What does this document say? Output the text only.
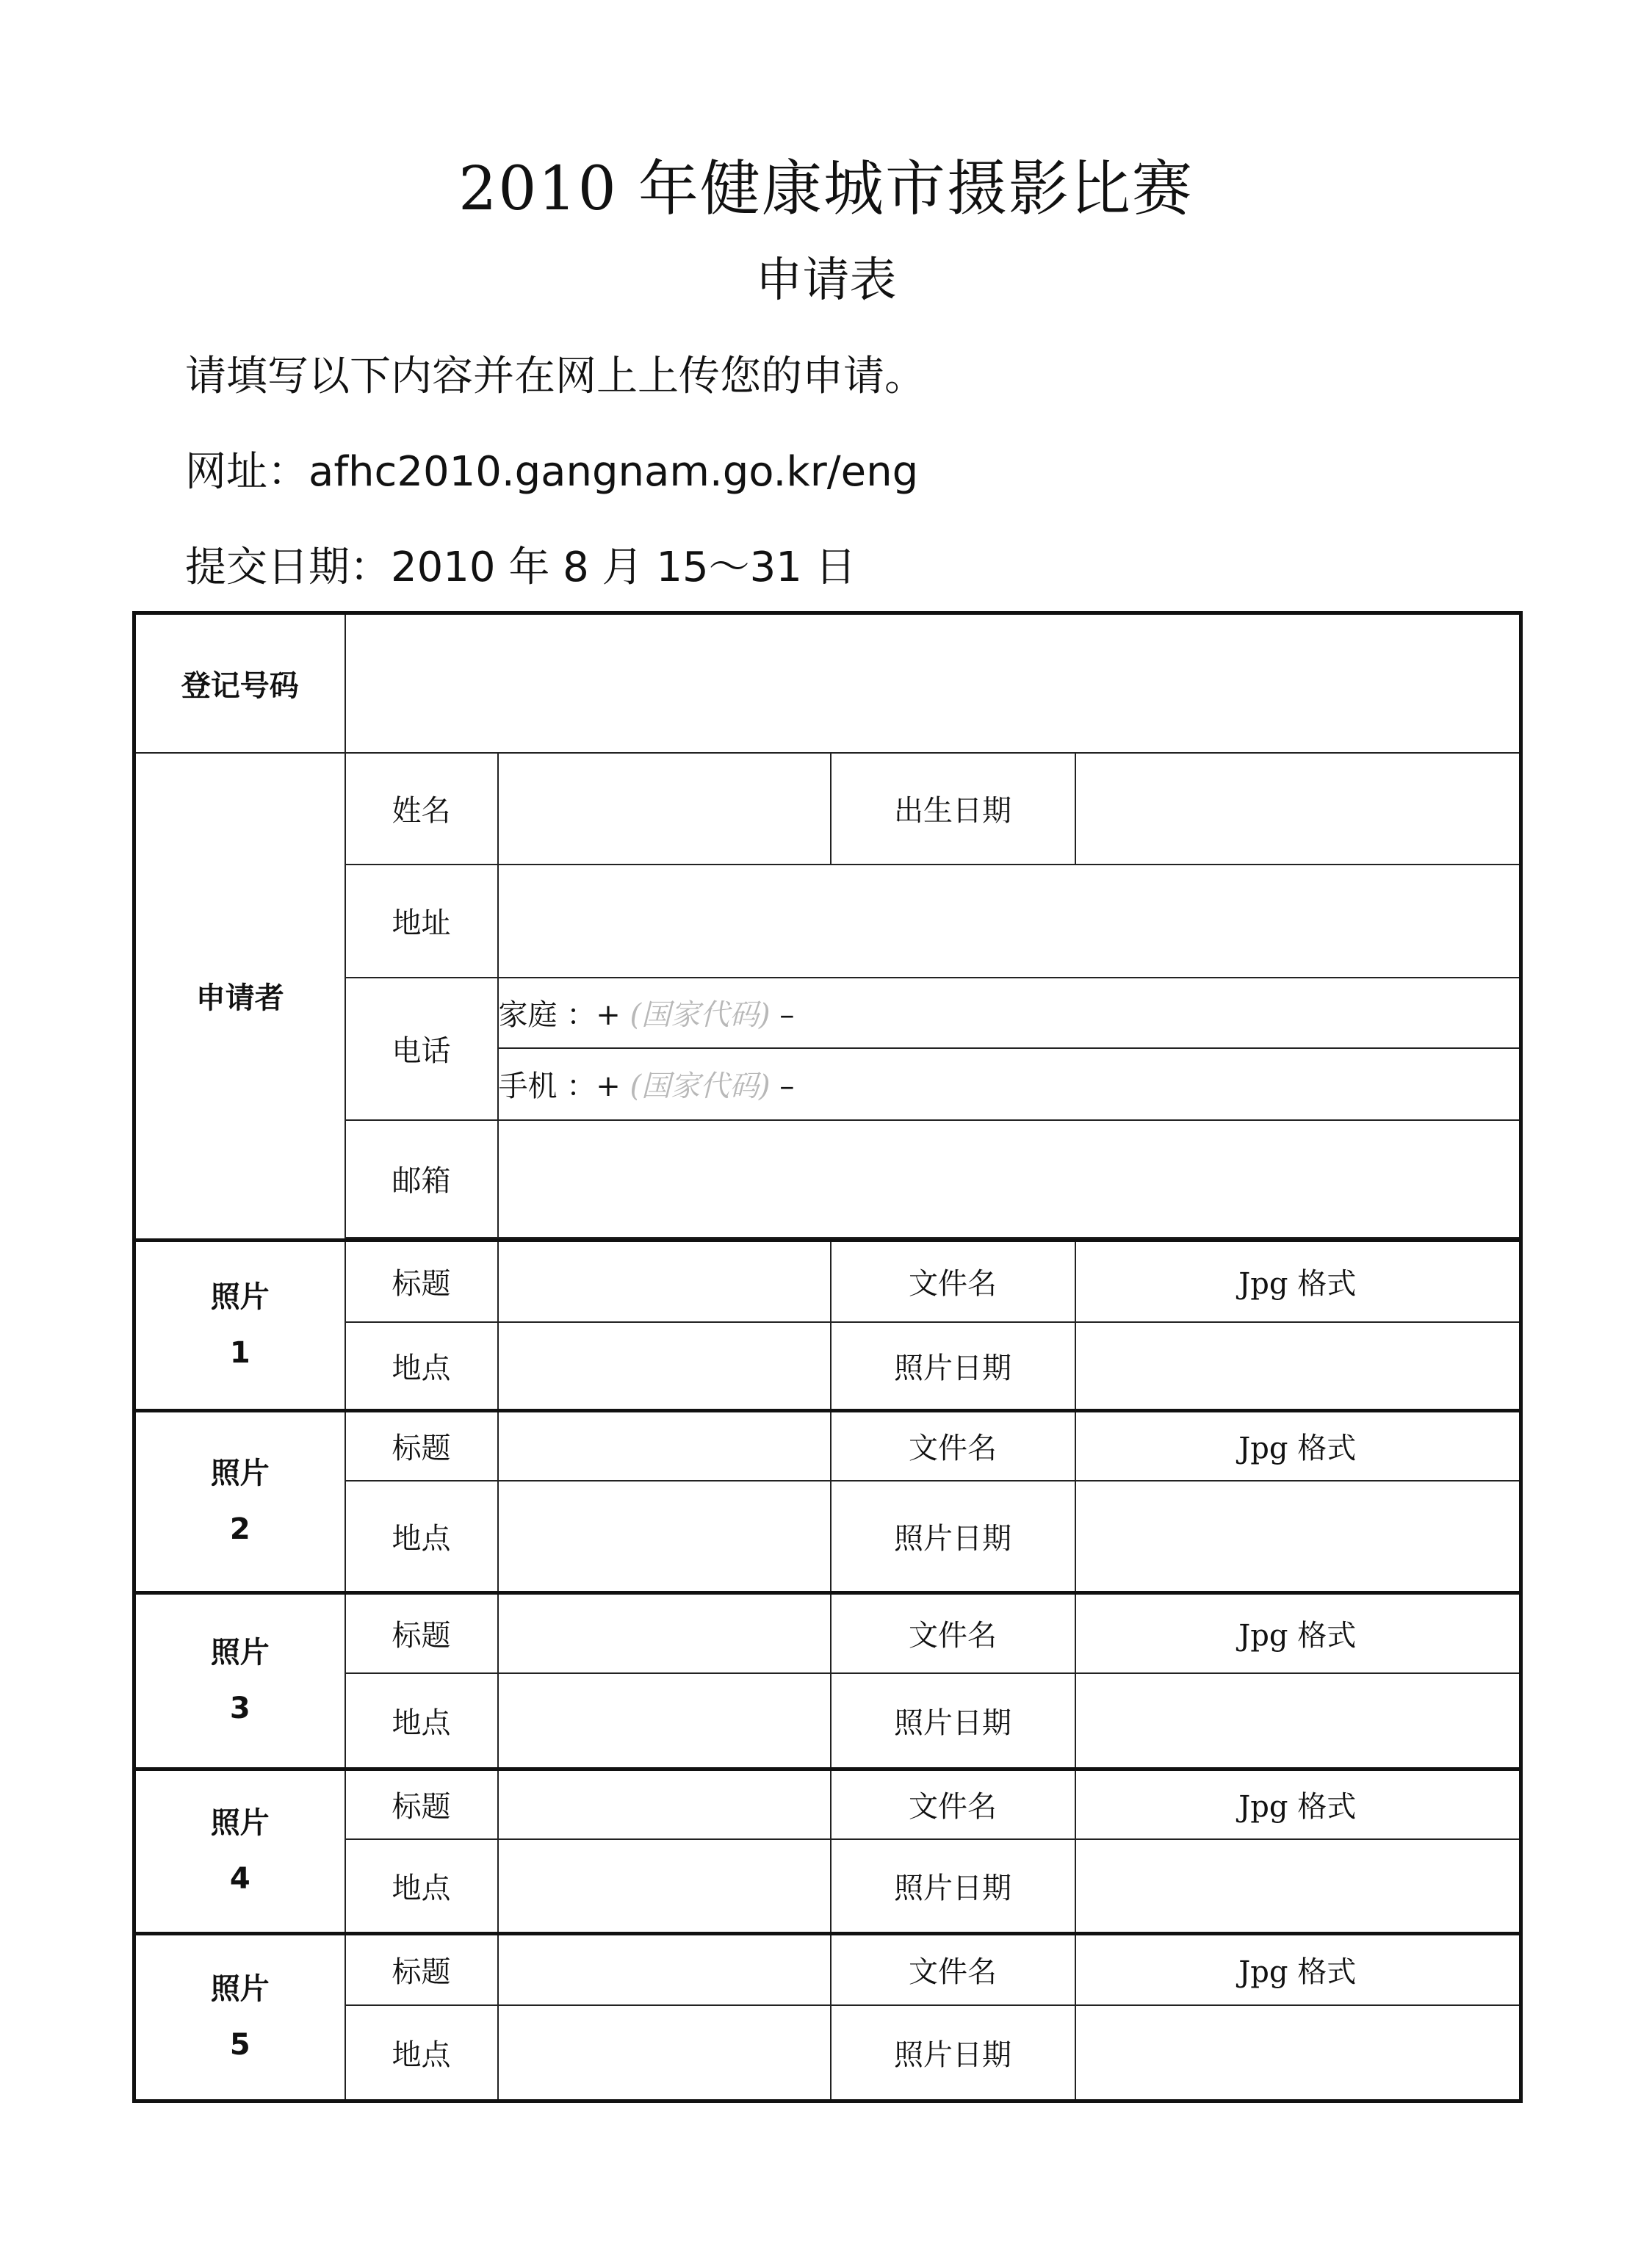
2010 年健康城市摄影比赛
申请表
请填写以下内容并在网上上传您的申请。
网址：afhc2010.gangnam.go.kr/eng
提交日期：2010 年 8 月 15～31 日
登记号码				
申请者	姓名		出生日期	
	地址			
	电话	家庭 ：+ (国家代码) –		
		手机 ：+ (国家代码) –		
	邮箱			

照片
1	标题		文件名	Jpg 格式
	地点		照片日期	
照片
2	标题		文件名	Jpg 格式
	地点		照片日期	
照片
3	标题		文件名	Jpg 格式
	地点		照片日期	
照片
4	标题		文件名	Jpg 格式
	地点		照片日期	
照片
5	标题		文件名	Jpg 格式
	地点		照片日期	
